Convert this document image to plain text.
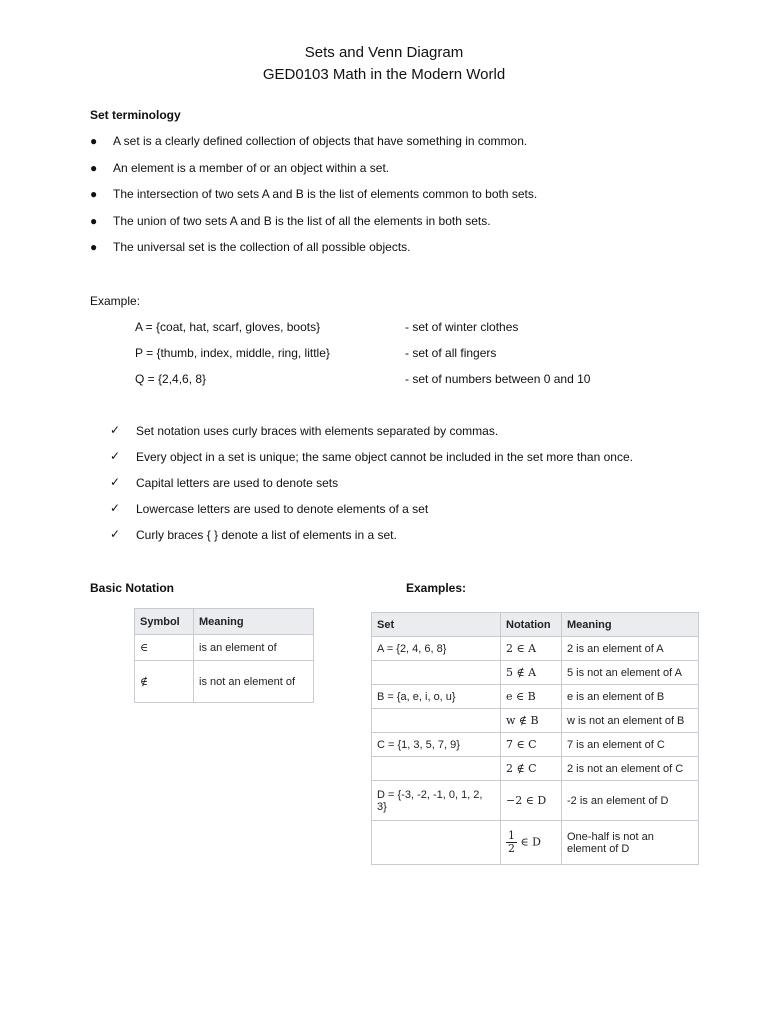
Sets and Venn Diagram
GED0103 Math in the Modern World
Set terminology
● A set is a clearly defined collection of objects that have something in common.
● An element is a member of or an object within a set.
● The intersection of two sets A and B is the list of elements common to both sets.
● The union of two sets A and B is the list of all the elements in both sets.
● The universal set is the collection of all possible objects.
Example:
A = {coat, hat, scarf, gloves, boots}	- set of winter clothes
P = {thumb, index, middle, ring, little}	- set of all fingers
Q = {2,4,6, 8}	- set of numbers between 0 and 10
✓ Set notation uses curly braces with elements separated by commas.
✓ Every object in a set is unique; the same object cannot be included in the set more than once.
✓ Capital letters are used to denote sets
✓ Lowercase letters are used to denote elements of a set
✓ Curly braces { } denote a list of elements in a set.
Basic Notation	Examples:
Symbol	Meaning
∈	is an element of
∉	is not an element of
Set	Notation	Meaning
A = {2, 4, 6, 8}	2 ∈ A	2 is an element of A
	5 ∉ A	5 is not an element of A
B = {a, e, i, o, u}	e ∈ B	e is an element of B
	w ∉ B	w is not an element of B
C = {1, 3, 5, 7, 9}	7 ∈ C	7 is an element of C
	2 ∉ C	2 is not an element of C
D = {-3, -2, -1, 0, 1, 2, 3}	−2 ∈ D	-2 is an element of D

	$\frac{1}{2}$ ∈ D	One-half is not an element of D
